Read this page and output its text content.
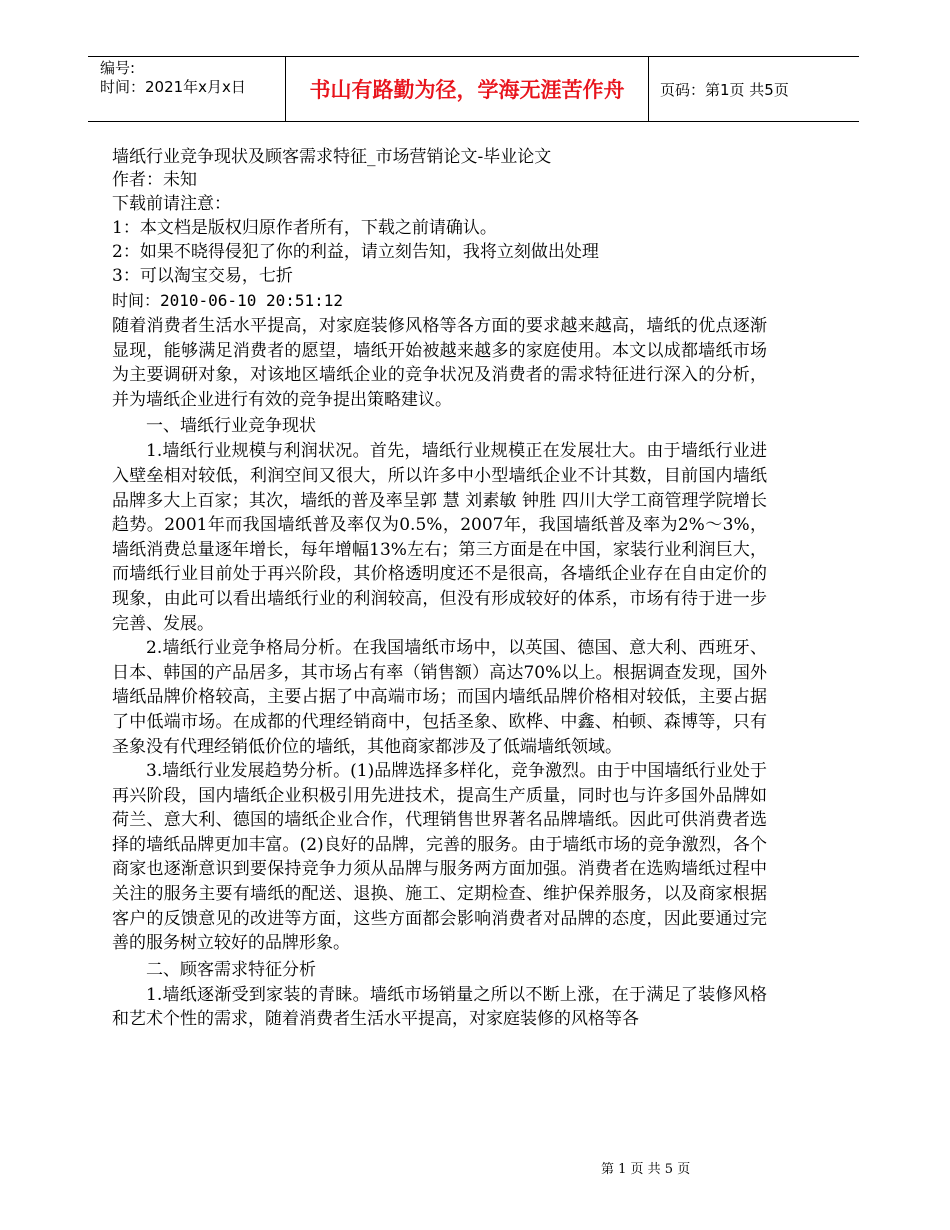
编号:
时间：2021年x月x日	书山有路勤为径，学海无涯苦作舟	页码：第1页 共5页
墙纸行业竞争现状及顾客需求特征_市场营销论文-毕业论文
作者：未知
下载前请注意：
1：本文档是版权归原作者所有，下载之前请确认。
2：如果不晓得侵犯了你的利益，请立刻告知，我将立刻做出处理
3：可以淘宝交易，七折
时间：2010-06-10 20:51:12

随着消费者生活水平提高，对家庭装修风格等各方面的要求越来越高，墙纸的优点逐渐显现，能够满足消费者的愿望，墙纸开始被越来越多的家庭使用。本文以成都墙纸市场为主要调研对象，对该地区墙纸企业的竞争状况及消费者的需求特征进行深入的分析，并为墙纸企业进行有效的竞争提出策略建议。

一、墙纸行业竞争现状

1.墙纸行业规模与利润状况。首先，墙纸行业规模正在发展壮大。由于墙纸行业进入壁垒相对较低，利润空间又很大，所以许多中小型墙纸企业不计其数，目前国内墙纸品牌多大上百家；其次，墙纸的普及率呈郭 慧 刘素敏 钟胜 四川大学工商管理学院增长趋势。2001年而我国墙纸普及率仅为0.5%，2007年，我国墙纸普及率为2%～3%，墙纸消费总量逐年增长，每年增幅13%左右；第三方面是在中国，家装行业利润巨大，而墙纸行业目前处于再兴阶段，其价格透明度还不是很高，各墙纸企业存在自由定价的现象，由此可以看出墙纸行业的利润较高，但没有形成较好的体系，市场有待于进一步完善、发展。

2.墙纸行业竞争格局分析。在我国墙纸市场中，以英国、德国、意大利、西班牙、日本、韩国的产品居多，其市场占有率（销售额）高达70%以上。根据调查发现，国外墙纸品牌价格较高，主要占据了中高端市场；而国内墙纸品牌价格相对较低，主要占据了中低端市场。在成都的代理经销商中，包括圣象、欧桦、中鑫、柏顿、森博等，只有圣象没有代理经销低价位的墙纸，其他商家都涉及了低端墙纸领域。

3.墙纸行业发展趋势分析。(1)品牌选择多样化，竞争激烈。由于中国墙纸行业处于再兴阶段，国内墙纸企业积极引用先进技术，提高生产质量，同时也与许多国外品牌如荷兰、意大利、德国的墙纸企业合作，代理销售世界著名品牌墙纸。因此可供消费者选择的墙纸品牌更加丰富。(2)良好的品牌，完善的服务。由于墙纸市场的竞争激烈，各个商家也逐渐意识到要保持竞争力须从品牌与服务两方面加强。消费者在选购墙纸过程中关注的服务主要有墙纸的配送、退换、施工、定期检查、维护保养服务，以及商家根据客户的反馈意见的改进等方面，这些方面都会影响消费者对品牌的态度，因此要通过完善的服务树立较好的品牌形象。

二、顾客需求特征分析

1.墙纸逐渐受到家装的青睐。墙纸市场销量之所以不断上涨，在于满足了装修风格和艺术个性的需求，随着消费者生活水平提高，对家庭装修的风格等各

第 1 页 共 5 页
